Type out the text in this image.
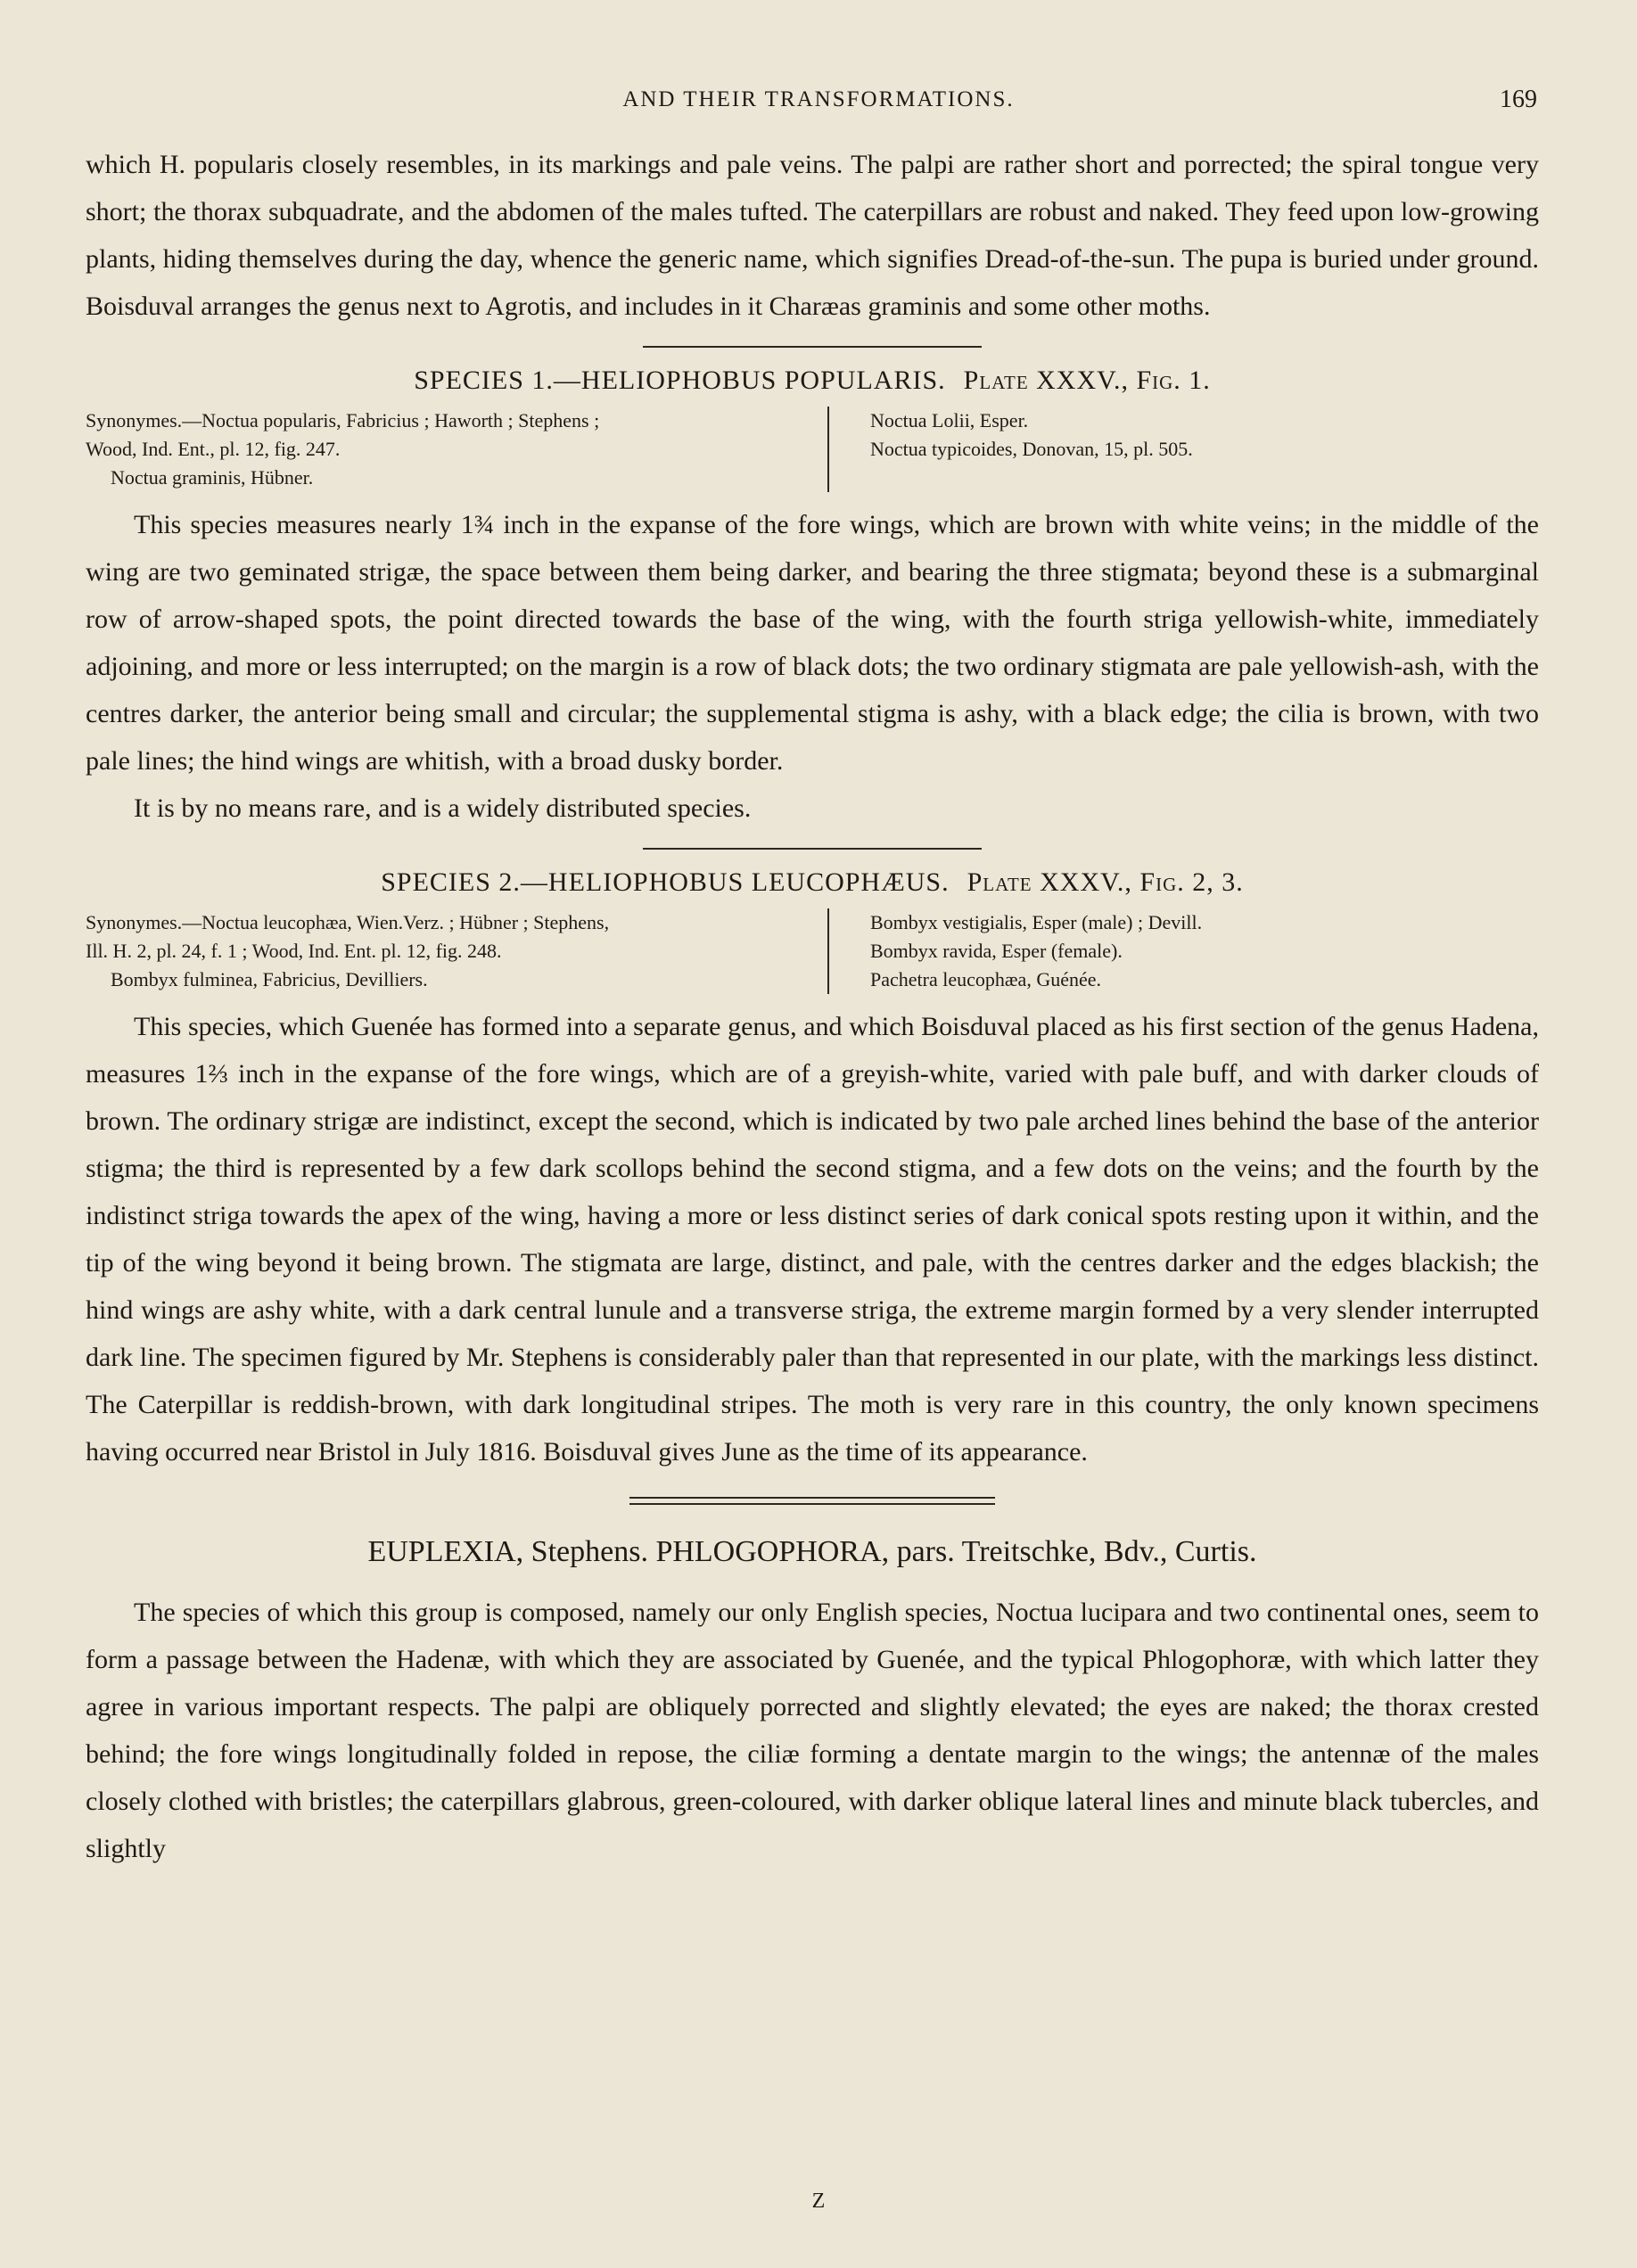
AND THEIR TRANSFORMATIONS.	169

which H. popularis closely resembles, in its markings and pale veins. The palpi are rather short and porrected; the spiral tongue very short; the thorax subquadrate, and the abdomen of the males tufted. The caterpillars are robust and naked. They feed upon low-growing plants, hiding themselves during the day, whence the generic name, which signifies Dread-of-the-sun. The pupa is buried under ground. Boisduval arranges the genus next to Agrotis, and includes in it Charæas graminis and some other moths.

SPECIES 1.—HELIOPHOBUS POPULARIS. Plate XXXV., Fig. 1.
Synonymes.—Noctua popularis, Fabricius ; Haworth ; Stephens ;
Wood, Ind. Ent., pl. 12, fig. 247.
Noctua graminis, Hübner.
Noctua Lolii, Esper.
Noctua typicoides, Donovan, 15, pl. 505.

This species measures nearly 1¾ inch in the expanse of the fore wings, which are brown with white veins; in the middle of the wing are two geminated strigæ, the space between them being darker, and bearing the three stigmata; beyond these is a submarginal row of arrow-shaped spots, the point directed towards the base of the wing, with the fourth striga yellowish-white, immediately adjoining, and more or less interrupted; on the margin is a row of black dots; the two ordinary stigmata are pale yellowish-ash, with the centres darker, the anterior being small and circular; the supplemental stigma is ashy, with a black edge; the cilia is brown, with two pale lines; the hind wings are whitish, with a broad dusky border.

It is by no means rare, and is a widely distributed species.

SPECIES 2.—HELIOPHOBUS LEUCOPHÆUS. Plate XXXV., Fig. 2, 3.
Synonymes.—Noctua leucophæa, Wien.Verz. ; Hübner ; Stephens,
Ill. H. 2, pl. 24, f. 1 ; Wood, Ind. Ent. pl. 12, fig. 248.
Bombyx fulminea, Fabricius, Devilliers.
Bombyx vestigialis, Esper (male) ; Devill.
Bombyx ravida, Esper (female).
Pachetra leucophæa, Guénée.

This species, which Guenée has formed into a separate genus, and which Boisduval placed as his first section of the genus Hadena, measures 1⅔ inch in the expanse of the fore wings, which are of a greyish-white, varied with pale buff, and with darker clouds of brown. The ordinary strigæ are indistinct, except the second, which is indicated by two pale arched lines behind the base of the anterior stigma; the third is represented by a few dark scollops behind the second stigma, and a few dots on the veins; and the fourth by the indistinct striga towards the apex of the wing, having a more or less distinct series of dark conical spots resting upon it within, and the tip of the wing beyond it being brown. The stigmata are large, distinct, and pale, with the centres darker and the edges blackish; the hind wings are ashy white, with a dark central lunule and a transverse striga, the extreme margin formed by a very slender interrupted dark line. The specimen figured by Mr. Stephens is considerably paler than that represented in our plate, with the markings less distinct. The Caterpillar is reddish-brown, with dark longitudinal stripes. The moth is very rare in this country, the only known specimens having occurred near Bristol in July 1816. Boisduval gives June as the time of its appearance.

EUPLEXIA, Stephens. PHLOGOPHORA, pars. Treitschke, Bdv., Curtis.

The species of which this group is composed, namely our only English species, Noctua lucipara and two continental ones, seem to form a passage between the Hadenæ, with which they are associated by Guenée, and the typical Phlogophoræ, with which latter they agree in various important respects. The palpi are obliquely porrected and slightly elevated; the eyes are naked; the thorax crested behind; the fore wings longitudinally folded in repose, the ciliæ forming a dentate margin to the wings; the antennæ of the males closely clothed with bristles; the caterpillars glabrous, green-coloured, with darker oblique lateral lines and minute black tubercles, and slightly

Z
